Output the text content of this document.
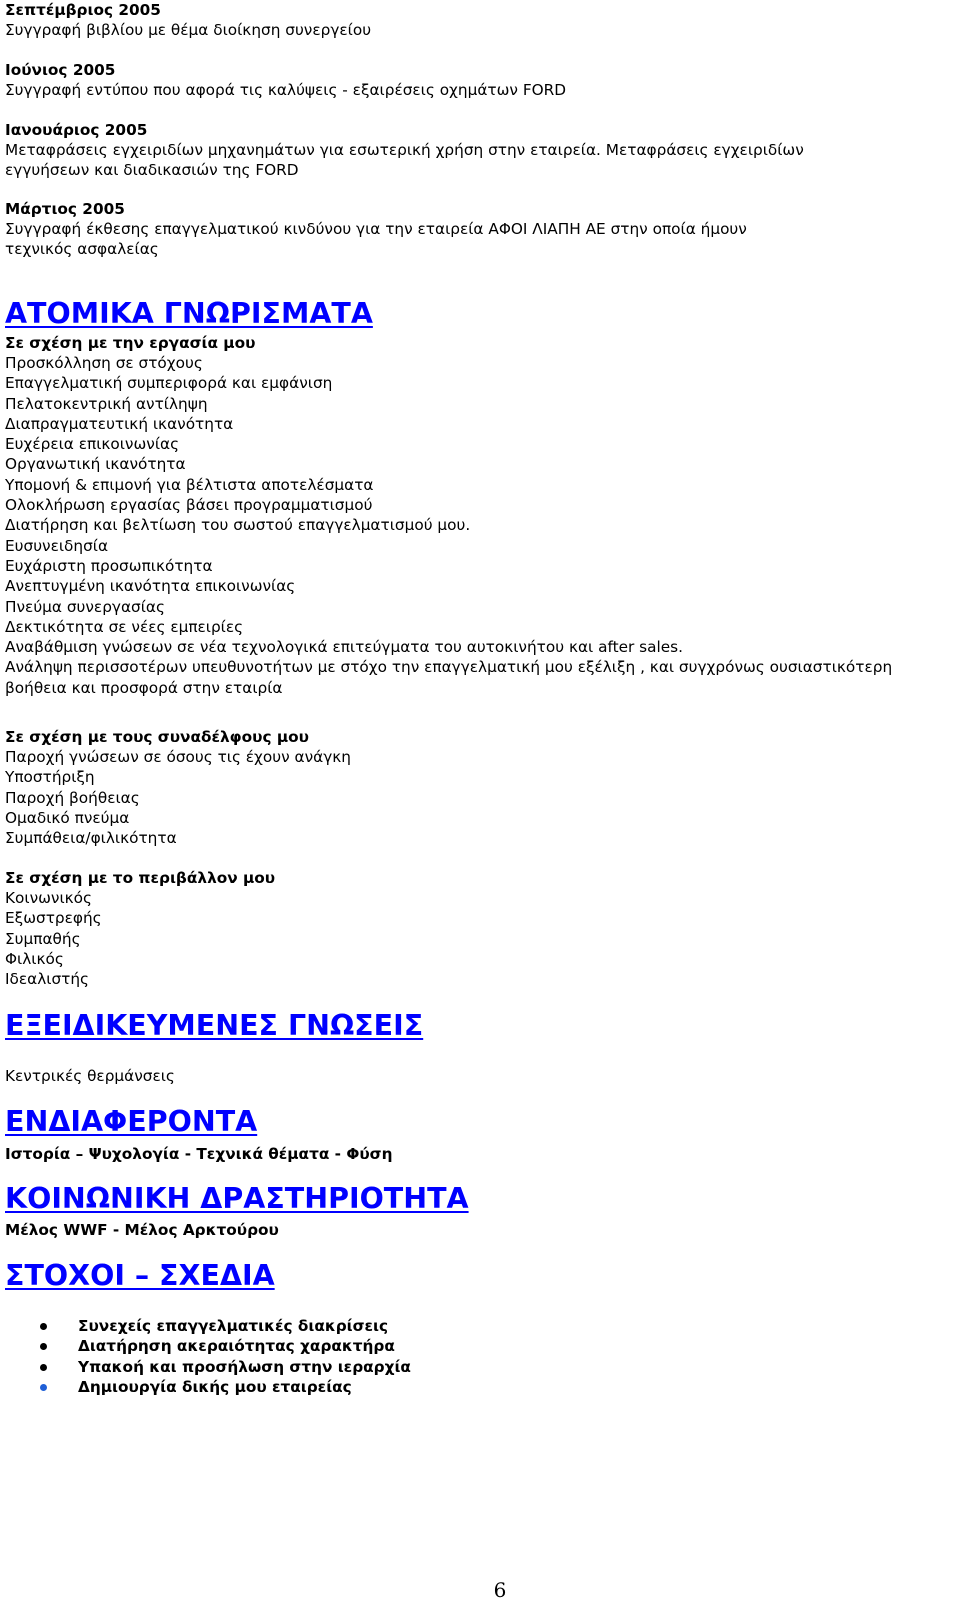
Σεπτέμβριος 2005

Συγγραφή βιβλίου με θέμα διοίκηση συνεργείου

Ιούνιος 2005

Συγγραφή εντύπου που αφορά τις καλύψεις - εξαιρέσεις οχημάτων FORD

Ιανουάριος 2005

Μεταφράσεις εγχειριδίων μηχανημάτων για εσωτερική χρήση στην εταιρεία. Μεταφράσεις εγχειριδίων

εγγυήσεων και διαδικασιών της FORD

Μάρτιος 2005

Συγγραφή έκθεσης επαγγελματικού κινδύνου για την εταιρεία ΑΦΟΙ ΛΙΑΠΗ ΑΕ στην οποία ήμουν

τεχνικός ασφαλείας

ΑΤΟΜΙΚΑ ΓΝΩΡΙΣΜΑΤΑ

Σε σχέση με την εργασία μου

Προσκόλληση σε στόχους
Επαγγελματική συμπεριφορά και εμφάνιση
Πελατοκεντρική αντίληψη
Διαπραγματευτική ικανότητα
Ευχέρεια επικοινωνίας
Οργανωτική ικανότητα
Υπομονή & επιμονή για βέλτιστα αποτελέσματα
Ολοκλήρωση εργασίας βάσει προγραμματισμού
Διατήρηση και βελτίωση του σωστού επαγγελματισμού μου.
Ευσυνειδησία
Ευχάριστη προσωπικότητα
Ανεπτυγμένη ικανότητα επικοινωνίας
Πνεύμα συνεργασίας
Δεκτικότητα σε νέες εμπειρίες
Αναβάθμιση γνώσεων σε νέα τεχνολογικά επιτεύγματα του αυτοκινήτου και after sales.
Ανάληψη περισσοτέρων υπευθυνοτήτων με στόχο την επαγγελματική μου εξέλιξη , και συγχρόνως ουσιαστικότερη
βοήθεια και προσφορά στην εταιρία

Σε σχέση με τους συναδέλφους μου

Παροχή γνώσεων σε όσους τις έχουν ανάγκη
Υποστήριξη
Παροχή βοήθειας
Ομαδικό πνεύμα
Συμπάθεια/φιλικότητα

Σε σχέση με το περιβάλλον μου

Κοινωνικός
Εξωστρεφής
Συμπαθής
Φιλικός
Ιδεαλιστής
ΕΞΕΙΔΙΚΕΥΜΕΝΕΣ ΓΝΩΣΕΙΣ

Κεντρικές θερμάνσεις

ΕΝΔΙΑΦΕΡΟΝΤΑ

Ιστορία – Ψυχολογία - Τεχνικά θέματα - Φύση

ΚΟΙΝΩΝΙΚΗ ΔΡΑΣΤΗΡΙΟΤΗΤΑ

Μέλος WWF - Μέλος Αρκτούρου

ΣΤΟΧΟΙ – ΣΧΕΔΙΑ
Συνεχείς επαγγελματικές διακρίσεις
Διατήρηση ακεραιότητας χαρακτήρα
Υπακοή και προσήλωση στην ιεραρχία
Δημιουργία δικής μου εταιρείας
6
